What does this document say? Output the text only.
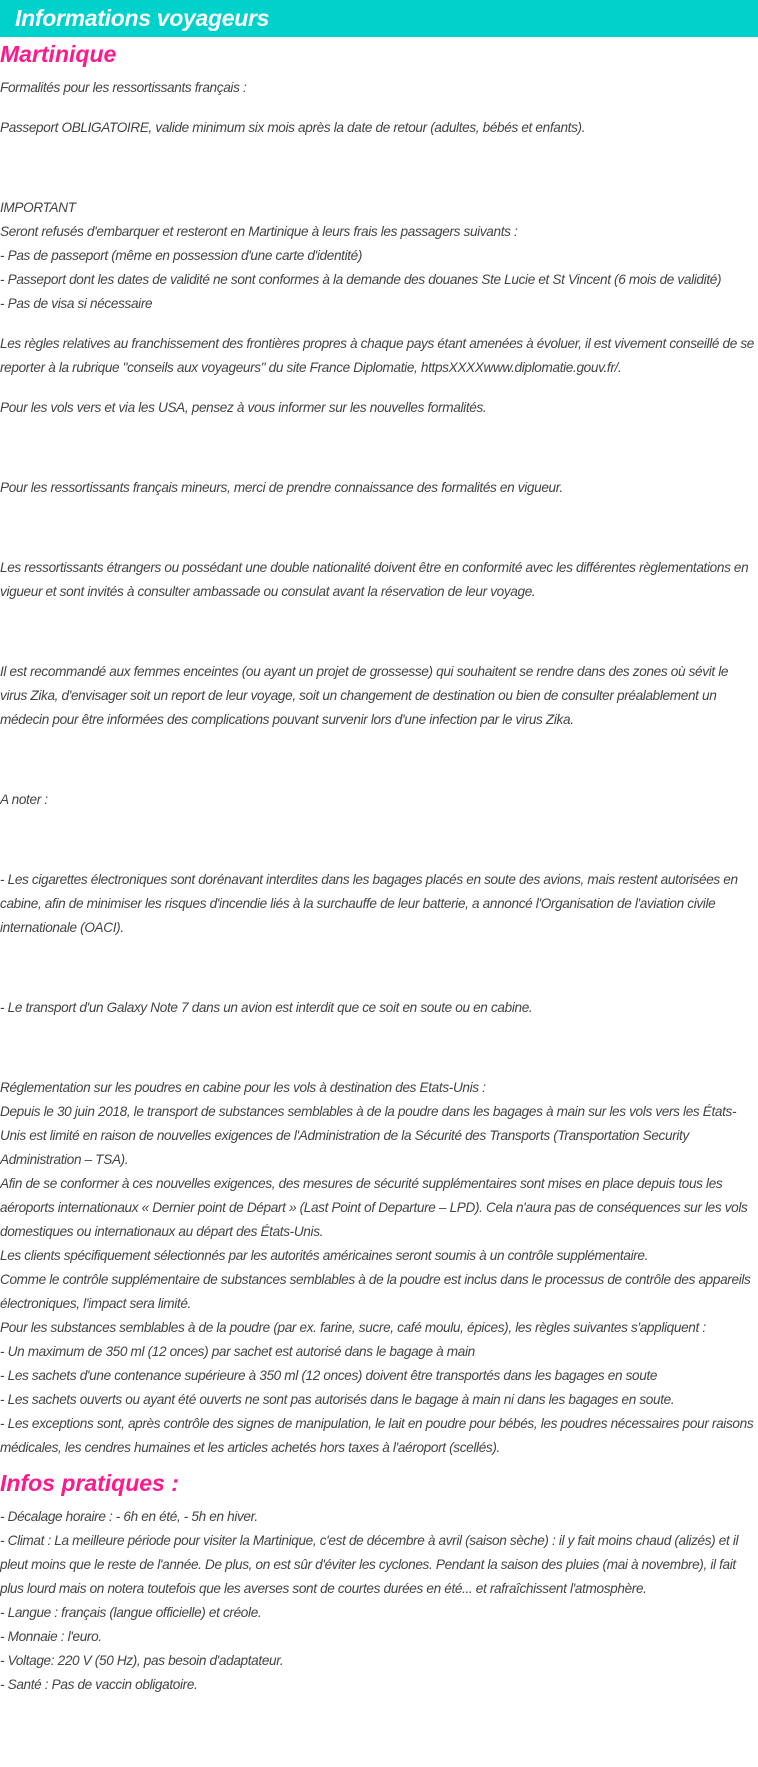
Informations voyageurs
Martinique

Formalités pour les ressortissants français :

Passeport OBLIGATOIRE, valide minimum six mois après la date de retour (adultes, bébés et enfants).

IMPORTANT

Seront refusés d'embarquer et resteront en Martinique à leurs frais les passagers suivants :

- Pas de passeport (même en possession d'une carte d'identité)

- Passeport dont les dates de validité ne sont conformes à la demande des douanes Ste Lucie et St Vincent (6 mois de validité)

- Pas de visa si nécessaire

Les règles relatives au franchissement des frontières propres à chaque pays étant amenées à évoluer, il est vivement conseillé de se reporter à la rubrique "conseils aux voyageurs" du site France Diplomatie, httpsXXXXwww.diplomatie.gouv.fr/.

Pour les vols vers et via les USA, pensez à vous informer sur les nouvelles formalités.

Pour les ressortissants français mineurs, merci de prendre connaissance des formalités en vigueur.

Les ressortissants étrangers ou possédant une double nationalité doivent être en conformité avec les différentes règlementations en vigueur et sont invités à consulter ambassade ou consulat avant la réservation de leur voyage.

Il est recommandé aux femmes enceintes (ou ayant un projet de grossesse) qui souhaitent se rendre dans des zones où sévit le virus Zika, d'envisager soit un report de leur voyage, soit un changement de destination ou bien de consulter préalablement un médecin pour être informées des complications pouvant survenir lors d'une infection par le virus Zika.

A noter :

- Les cigarettes électroniques sont dorénavant interdites dans les bagages placés en soute des avions, mais restent autorisées en cabine, afin de minimiser les risques d'incendie liés à la surchauffe de leur batterie, a annoncé l'Organisation de l'aviation civile internationale (OACI).

- Le transport d'un Galaxy Note 7 dans un avion est interdit que ce soit en soute ou en cabine.

Réglementation sur les poudres en cabine pour les vols à destination des Etats-Unis :

Depuis le 30 juin 2018, le transport de substances semblables à de la poudre dans les bagages à main sur les vols vers les États-Unis est limité en raison de nouvelles exigences de l'Administration de la Sécurité des Transports (Transportation Security Administration – TSA).

Afin de se conformer à ces nouvelles exigences, des mesures de sécurité supplémentaires sont mises en place depuis tous les aéroports internationaux « Dernier point de Départ » (Last Point of Departure – LPD). Cela n'aura pas de conséquences sur les vols domestiques ou internationaux au départ des États-Unis.

Les clients spécifiquement sélectionnés par les autorités américaines seront soumis à un contrôle supplémentaire.

Comme le contrôle supplémentaire de substances semblables à de la poudre est inclus dans le processus de contrôle des appareils électroniques, l'impact sera limité.

Pour les substances semblables à de la poudre (par ex. farine, sucre, café moulu, épices), les règles suivantes s'appliquent :

- Un maximum de 350 ml (12 onces) par sachet est autorisé dans le bagage à main

- Les sachets d'une contenance supérieure à 350 ml (12 onces) doivent être transportés dans les bagages en soute

- Les sachets ouverts ou ayant été ouverts ne sont pas autorisés dans le bagage à main ni dans les bagages en soute.

- Les exceptions sont, après contrôle des signes de manipulation, le lait en poudre pour bébés, les poudres nécessaires pour raisons médicales, les cendres humaines et les articles achetés hors taxes à l'aéroport (scellés).

Infos pratiques :

- Décalage horaire : - 6h en été, - 5h en hiver.

- Climat : La meilleure période pour visiter la Martinique, c'est de décembre à avril (saison sèche) : il y fait moins chaud (alizés) et il pleut moins que le reste de l'année. De plus, on est sûr d'éviter les cyclones. Pendant la saison des pluies (mai à novembre), il fait plus lourd mais on notera toutefois que les averses sont de courtes durées en été... et rafraîchissent l'atmosphère.

- Langue : français (langue officielle) et créole.

- Monnaie : l'euro.

- Voltage: 220 V (50 Hz), pas besoin d'adaptateur.

- Santé : Pas de vaccin obligatoire.
